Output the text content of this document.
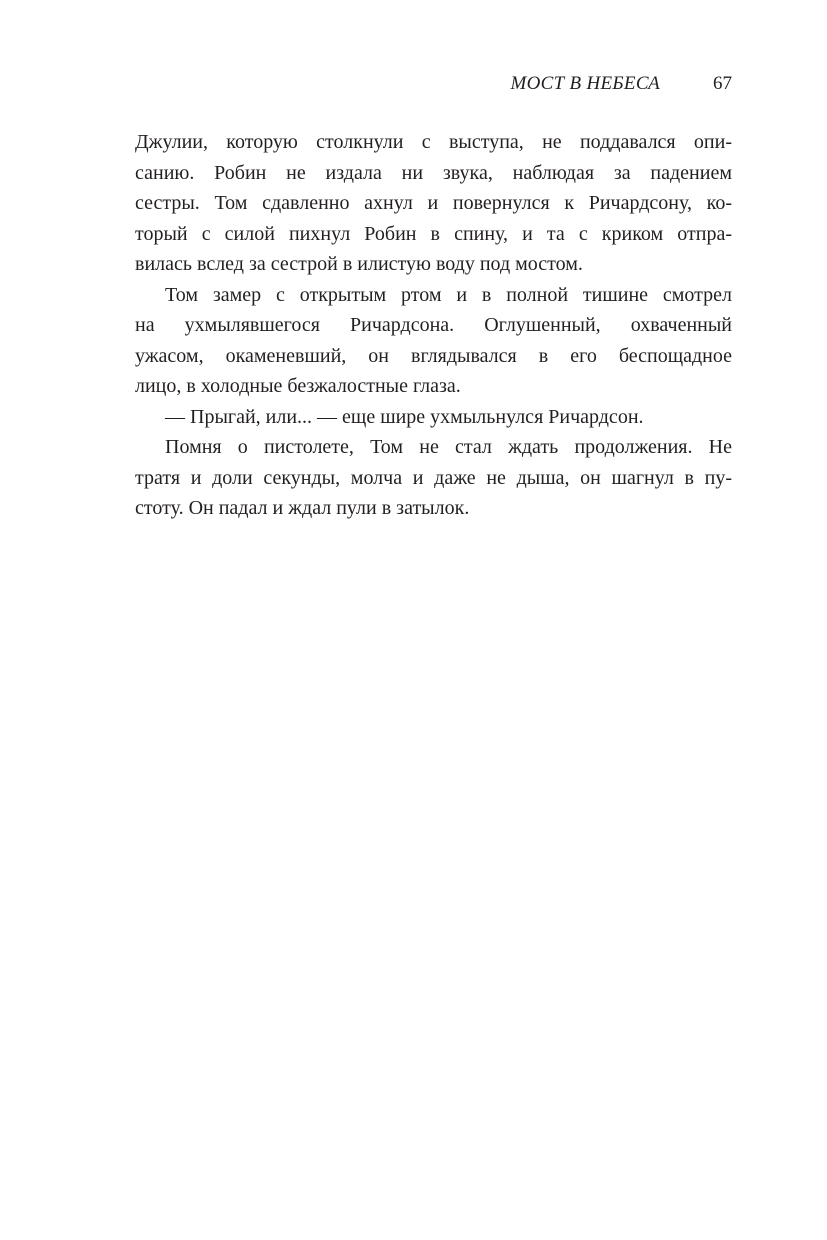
МОСТ В НЕБЕСА	67
Джулии, которую столкнули с выступа, не поддавался опи-
санию. Робин не издала ни звука, наблюдая за падением
сестры. Том сдавленно ахнул и повернулся к Ричардсону, ко-
торый с силой пихнул Робин в спину, и та с криком отпра-
вилась вслед за сестрой в илистую воду под мостом.
Том замер с открытым ртом и в полной тишине смотрел
на ухмылявшегося Ричардсона. Оглушенный, охваченный
ужасом, окаменевший, он вглядывался в его беспощадное
лицо, в холодные безжалостные глаза.
— Прыгай, или... — еще шире ухмыльнулся Ричардсон.
Помня о пистолете, Том не стал ждать продолжения. Не
тратя и доли секунды, молча и даже не дыша, он шагнул в пу-
стоту. Он падал и ждал пули в затылок.
